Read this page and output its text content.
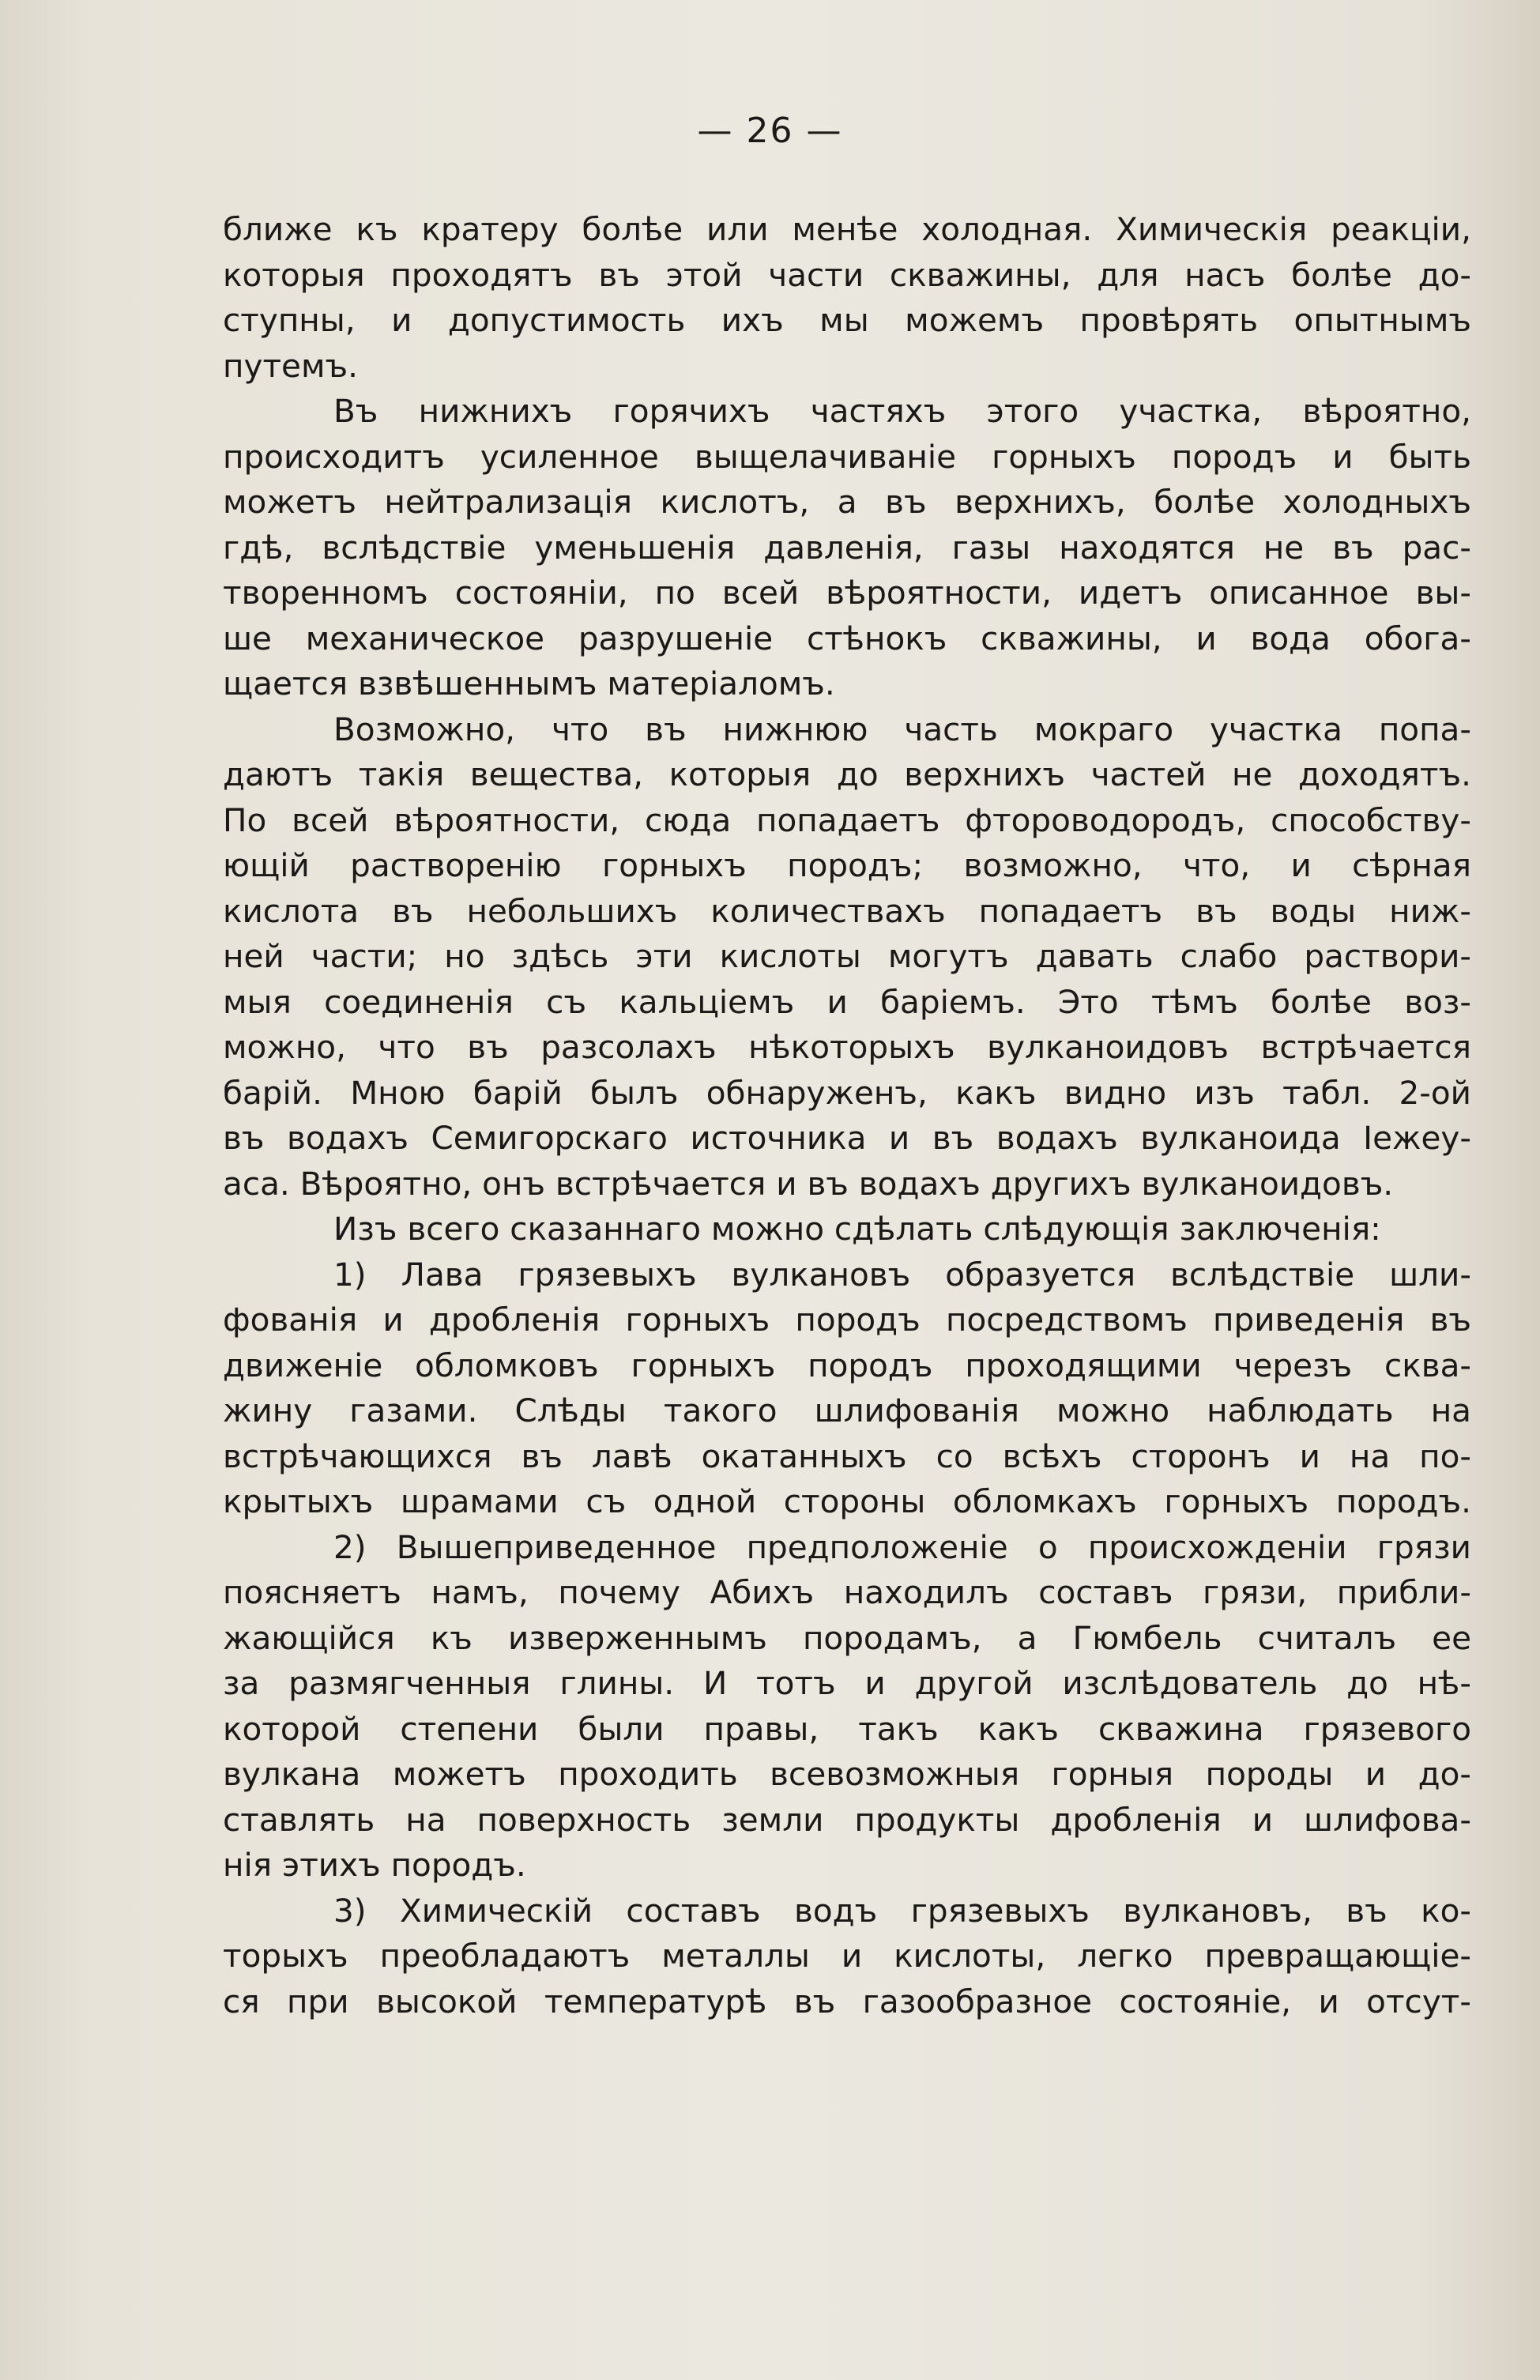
— 26 —
ближе къ кратеру болѣе или менѣе холодная. Химическія реакціи,
которыя проходятъ въ этой части скважины, для насъ болѣе до-
ступны, и допустимость ихъ мы можемъ провѣрять опытнымъ
путемъ.
Въ нижнихъ горячихъ частяхъ этого участка, вѣроятно,
происходитъ усиленное выщелачиваніе горныхъ породъ и быть
можетъ нейтрализація кислотъ, а въ верхнихъ, болѣе холодныхъ
гдѣ, вслѣдствіе уменьшенія давленія, газы находятся не въ рас-
творенномъ состояніи, по всей вѣроятности, идетъ описанное вы-
ше механическое разрушеніе стѣнокъ скважины, и вода обога-
щается взвѣшеннымъ матеріаломъ.
Возможно, что въ нижнюю часть мокраго участка попа-
даютъ такія вещества, которыя до верхнихъ частей не доходятъ.
По всей вѣроятности, сюда попадаетъ фтороводородъ, способству-
ющій раствоpенію горныхъ породъ; возможно, что, и сѣрная
кислота въ небольшихъ количествахъ попадаетъ въ воды ниж-
ней части; но здѣсь эти кислоты могутъ давать слабо раствори-
мыя соединенія съ кальціемъ и баріемъ. Это тѣмъ болѣе воз-
можно, что въ разсолахъ нѣкоторыхъ вулканоидовъ встрѣчается
барій. Мною барій былъ обнаруженъ, какъ видно изъ табл. 2-ой
въ водахъ Семигорскаго источника и въ водахъ вулканоида Іежеу-
аса. Вѣроятно, онъ встрѣчается и въ водахъ другихъ вулканоидовъ.
Изъ всего сказаннаго можно сдѣлать слѣдующія заключенія:
1) Лава грязевыхъ вулкановъ образуется вслѣдствіе шли-
фованія и дробленія горныхъ породъ посредствомъ приведенія въ
движеніе обломковъ горныхъ породъ проходящими черезъ сква-
жину газами. Слѣды такого шлифованія можно наблюдать на
встрѣчающихся въ лавѣ окатанныхъ со всѣхъ сторонъ и на по-
крытыхъ шрамами съ одной стороны обломкахъ горныхъ породъ.
2) Вышеприведенное предположеніе о происхожденіи грязи
поясняетъ намъ, почему Абихъ находилъ составъ грязи, прибли-
жающійся къ изверженнымъ породамъ, а Гюмбель считалъ ее
за размягченныя глины. И тотъ и другой изслѣдователь до нѣ-
которой степени были правы, такъ какъ скважина грязевого
вулкана можетъ проходить всевозможныя горныя породы и до-
ставлять на поверхность земли продукты дробленія и шлифова-
нія этихъ породъ.
3) Химическій составъ водъ грязевыхъ вулкановъ, въ ко-
торыхъ преобладаютъ металлы и кислоты, легко превращающіе-
ся при высокой температурѣ въ газообразное состояніе, и отсут-
